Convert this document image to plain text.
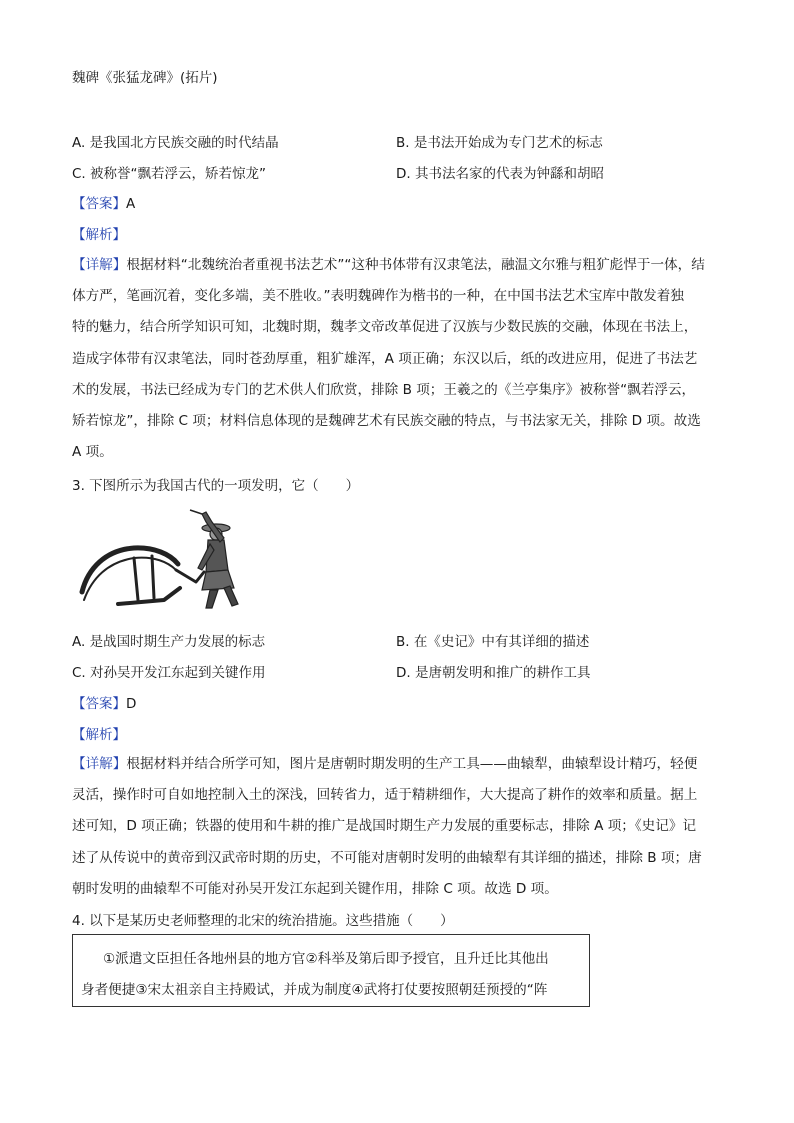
魏碑《张猛龙碑》(拓片)
A. 是我国北方民族交融的时代结晶	B. 是书法开始成为专门艺术的标志
C. 被称誉“飘若浮云，矫若惊龙”	D. 其书法名家的代表为钟繇和胡昭
【答案】A
【解析】
【详解】根据材料“北魏统治者重视书法艺术”“这种书体带有汉隶笔法，融温文尔雅与粗犷彪悍于一体，结
体方严，笔画沉着，变化多端，美不胜收。”表明魏碑作为楷书的一种，在中国书法艺术宝库中散发着独
特的魅力，结合所学知识可知，北魏时期，魏孝文帝改革促进了汉族与少数民族的交融，体现在书法上，
造成字体带有汉隶笔法，同时苍劲厚重，粗犷雄浑，A 项正确；东汉以后，纸的改进应用，促进了书法艺
术的发展，书法已经成为专门的艺术供人们欣赏，排除 B 项；王羲之的《兰亭集序》被称誉“飘若浮云，
矫若惊龙”，排除 C 项；材料信息体现的是魏碑艺术有民族交融的特点，与书法家无关，排除 D 项。故选
A 项。
3. 下图所示为我国古代的一项发明，它（　　）
A. 是战国时期生产力发展的标志	B. 在《史记》中有其详细的描述
C. 对孙吴开发江东起到关键作用	D. 是唐朝发明和推广的耕作工具
【答案】D
【解析】
【详解】根据材料并结合所学可知，图片是唐朝时期发明的生产工具——曲辕犁，曲辕犁设计精巧，轻便
灵活，操作时可自如地控制入土的深浅，回转省力，适于精耕细作，大大提高了耕作的效率和质量。据上
述可知，D 项正确；铁器的使用和牛耕的推广是战国时期生产力发展的重要标志，排除 A 项；《史记》记
述了从传说中的黄帝到汉武帝时期的历史，不可能对唐朝时发明的曲辕犁有其详细的描述，排除 B 项；唐
朝时发明的曲辕犁不可能对孙吴开发江东起到关键作用，排除 C 项。故选 D 项。
4. 以下是某历史老师整理的北宋的统治措施。这些措施（　　）
①派遣文臣担任各地州县的地方官②科举及第后即予授官，且升迁比其他出
身者便捷③宋太祖亲自主持殿试，并成为制度④武将打仗要按照朝廷预授的“阵
